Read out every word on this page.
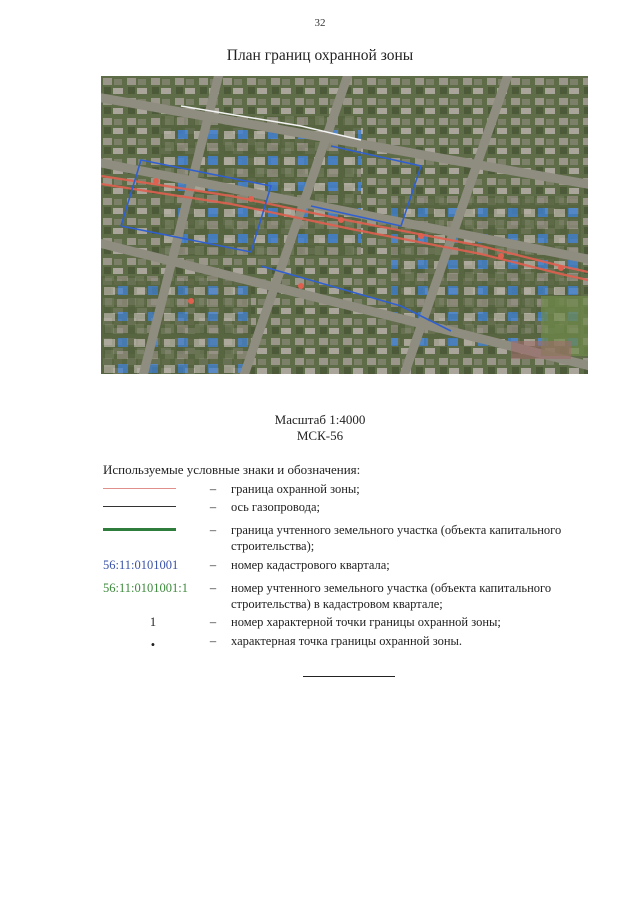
32
План границ охранной зоны
Масштаб 1:4000
МСК-56
Используемые условные знаки и обозначения:
– граница охранной зоны;
– ось газопровода;
– граница учтенного земельного участка (объекта капитального строительства);
56:11:0101001	– номер кадастрового квартала;
56:11:0101001:1	– номер учтенного земельного участка (объекта капитального строительства) в кадастровом квартале;
1	– номер характерной точки границы охранной зоны;
•	– характерная точка границы охранной зоны.
